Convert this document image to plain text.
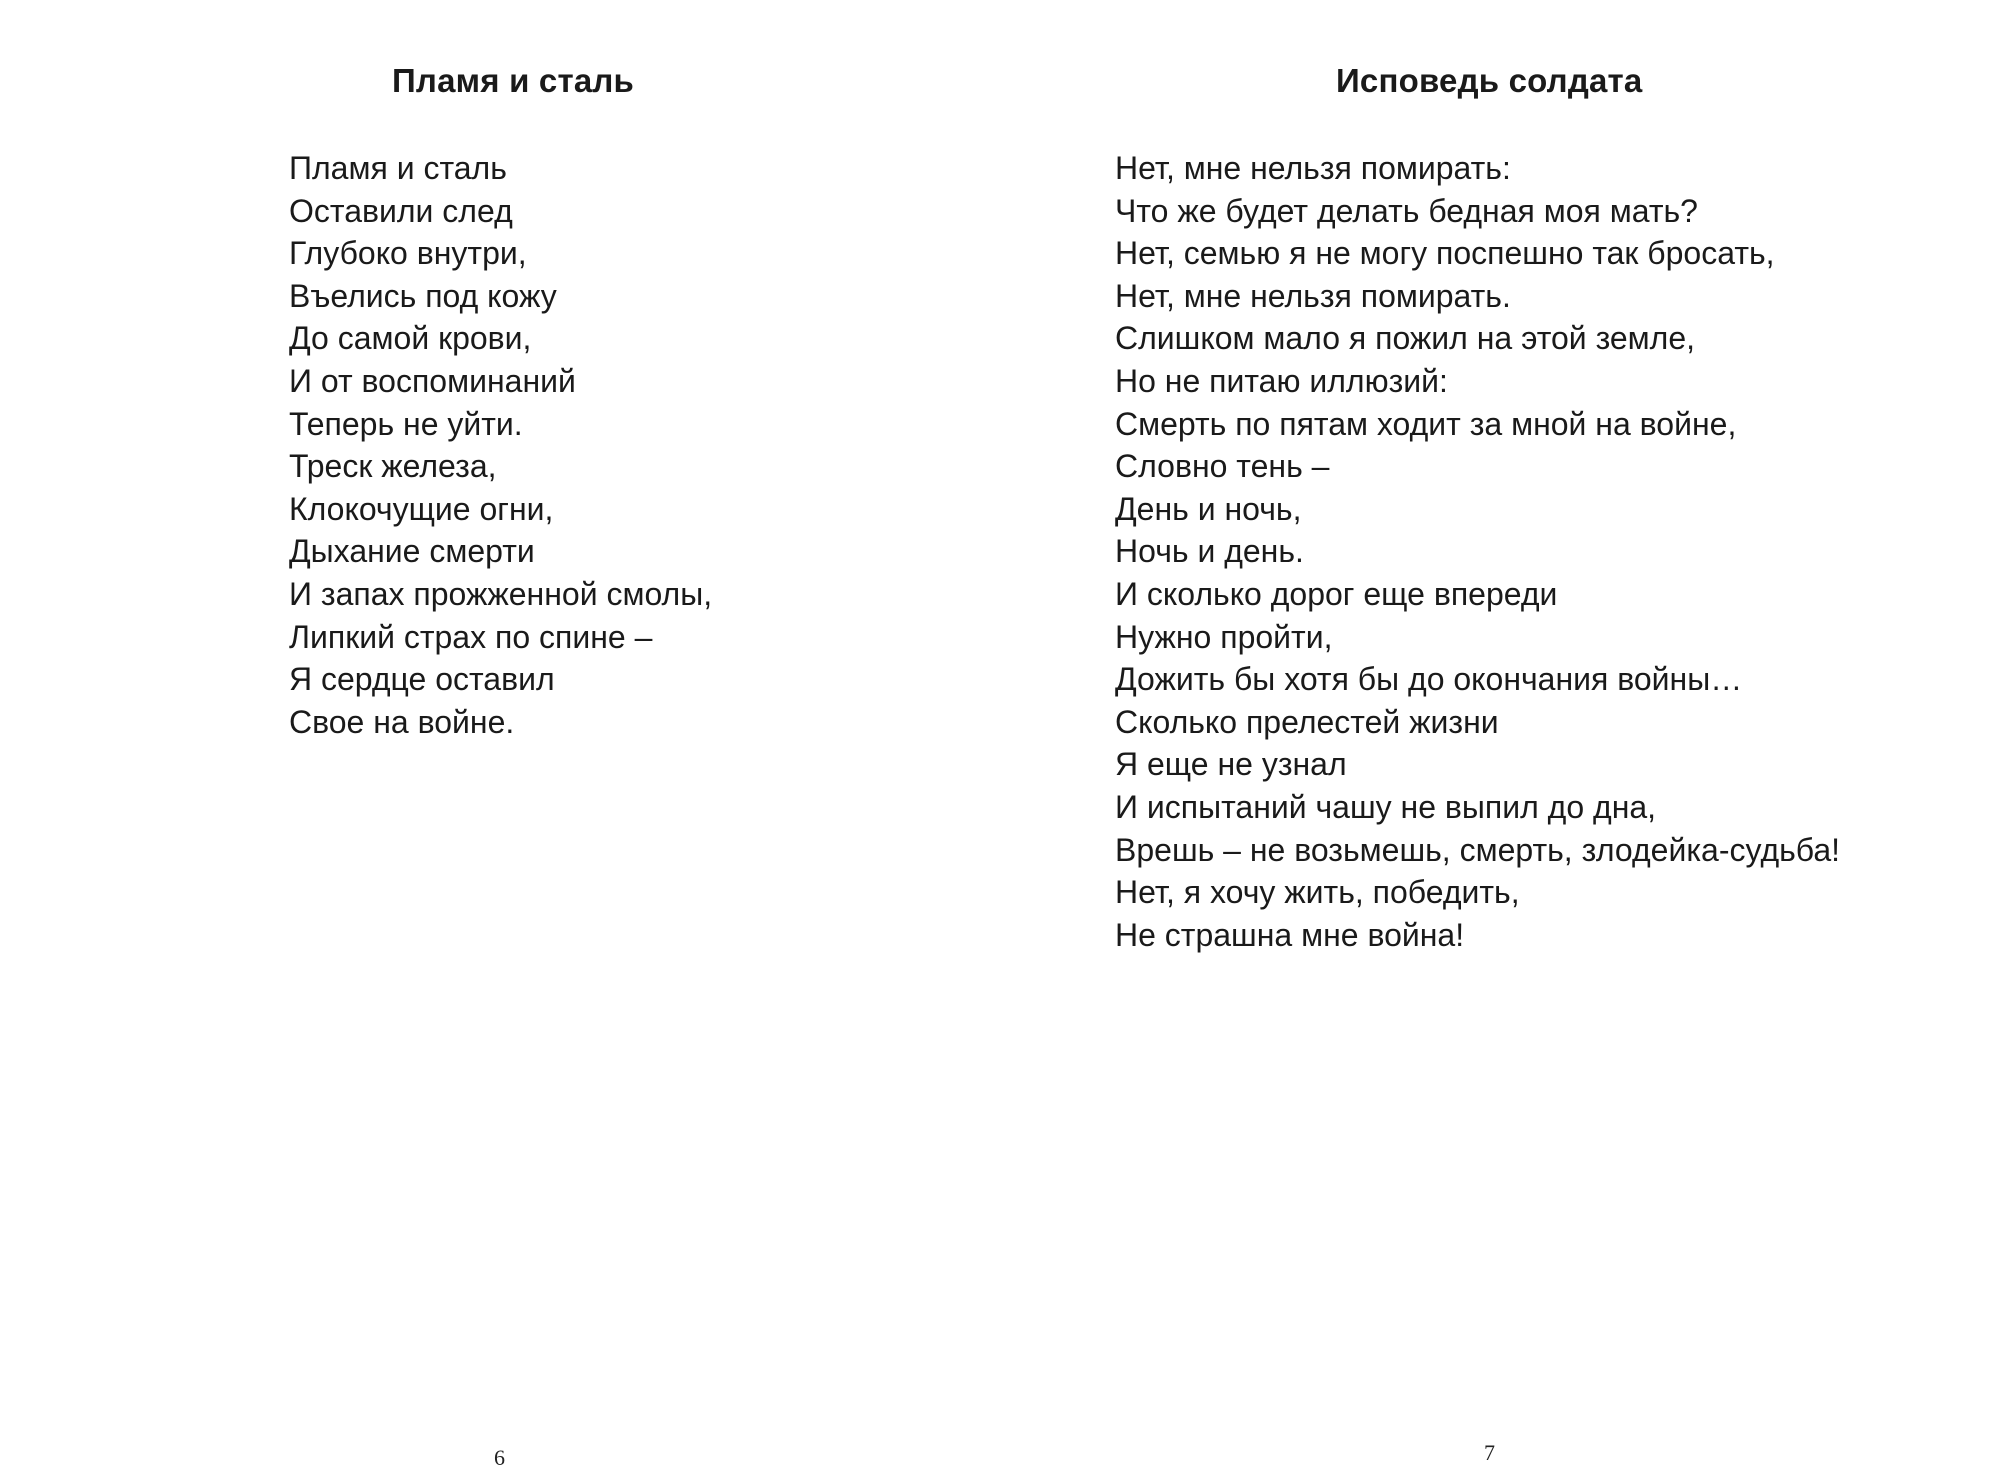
Пламя и сталь
Пламя и сталь
Оставили след
Глубоко внутри,
Въелись под кожу
До самой крови,
И от воспоминаний
Теперь не уйти.
Треск железа,
Клокочущие огни,
Дыхание смерти
И запах прожженной смолы,
Липкий страх по спине –
Я сердце оставил
Свое на войне.
6
Исповедь солдата
Нет, мне нельзя помирать:
Что же будет делать бедная моя мать?
Нет, семью я не могу поспешно так бросать,
Нет, мне нельзя помирать.
Слишком мало я пожил на этой земле,
Но не питаю иллюзий:
Смерть по пятам ходит за мной на войне,
Словно тень –
День и ночь,
Ночь и день.
И сколько дорог еще впереди
Нужно пройти,
Дожить бы хотя бы до окончания войны…
Сколько прелестей жизни
Я еще не узнал
И испытаний чашу не выпил до дна,
Врешь – не возьмешь, смерть, злодейка-судьба!
Нет, я хочу жить, победить,
Не страшна мне война!
7
